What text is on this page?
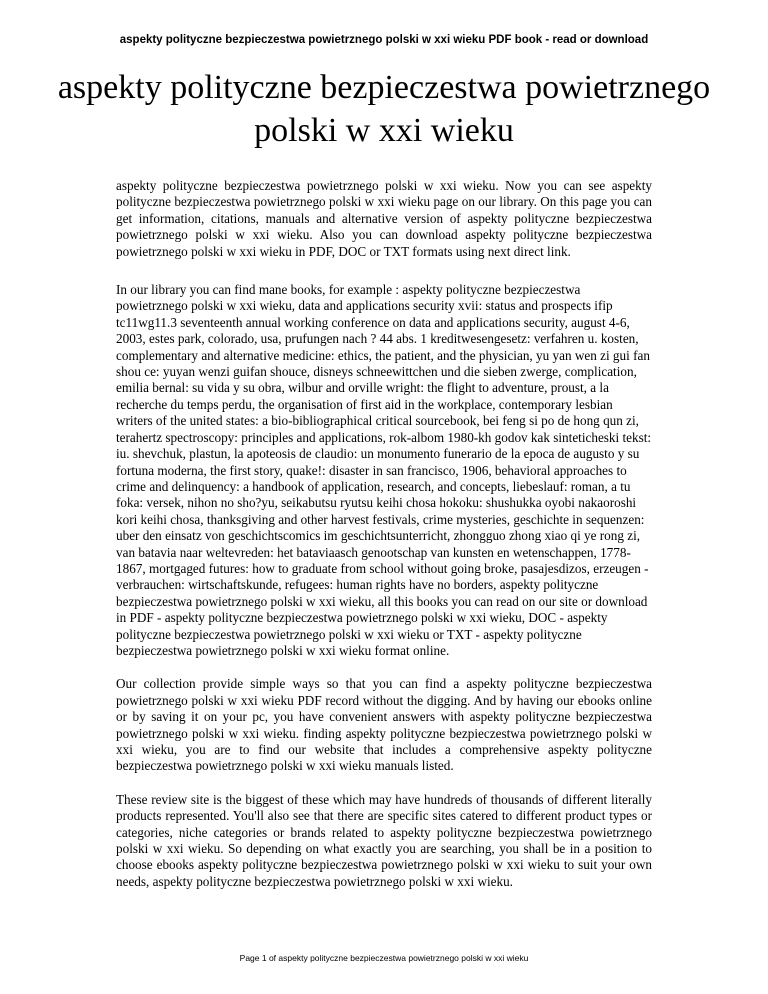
aspekty polityczne bezpieczestwa powietrznego polski w xxi wieku PDF book - read or download
aspekty polityczne bezpieczestwa powietrznego polski w xxi wieku

aspekty polityczne bezpieczestwa powietrznego polski w xxi wieku. Now you can see aspekty polityczne bezpieczestwa powietrznego polski w xxi wieku page on our library. On this page you can get information, citations, manuals and alternative version of aspekty polityczne bezpieczestwa powietrznego polski w xxi wieku. Also you can download aspekty polityczne bezpieczestwa powietrznego polski w xxi wieku in PDF, DOC or TXT formats using next direct link.

In our library you can find mane books, for example : aspekty polityczne bezpieczestwa powietrznego polski w xxi wieku, data and applications security xvii: status and prospects ifip tc11wg11.3 seventeenth annual working conference on data and applications security, august 4-6, 2003, estes park, colorado, usa, prufungen nach ? 44 abs. 1 kreditwesengesetz: verfahren u. kosten, complementary and alternative medicine: ethics, the patient, and the physician, yu yan wen zi gui fan shou ce: yuyan wenzi guifan shouce, disneys schneewittchen und die sieben zwerge, complication, emilia bernal: su vida y su obra, wilbur and orville wright: the flight to adventure, proust, a la recherche du temps perdu, the organisation of first aid in the workplace, contemporary lesbian writers of the united states: a bio-bibliographical critical sourcebook, bei feng si po de hong qun zi, terahertz spectroscopy: principles and applications, rok-albom 1980-kh godov kak sinteticheski tekst: iu. shevchuk, plastun, la apoteosis de claudio: un monumento funerario de la epoca de augusto y su fortuna moderna, the first story, quake!: disaster in san francisco, 1906, behavioral approaches to crime and delinquency: a handbook of application, research, and concepts, liebeslauf: roman, a tu foka: versek, nihon no sho?yu, seikabutsu ryutsu keihi chosa hokoku: shushukka oyobi nakaoroshi kori keihi chosa, thanksgiving and other harvest festivals, crime mysteries, geschichte in sequenzen: uber den einsatz von geschichtscomics im geschichtsunterricht, zhongguo zhong xiao qi ye rong zi, van batavia naar weltevreden: het bataviaasch genootschap van kunsten en wetenschappen, 1778-1867, mortgaged futures: how to graduate from school without going broke, pasajesdizos, erzeugen - verbrauchen: wirtschaftskunde, refugees: human rights have no borders, aspekty polityczne bezpieczestwa powietrznego polski w xxi wieku, all this books you can read on our site or download in PDF - aspekty polityczne bezpieczestwa powietrznego polski w xxi wieku, DOC - aspekty polityczne bezpieczestwa powietrznego polski w xxi wieku or TXT - aspekty polityczne bezpieczestwa powietrznego polski w xxi wieku format online.

Our collection provide simple ways so that you can find a aspekty polityczne bezpieczestwa powietrznego polski w xxi wieku PDF record without the digging. And by having our ebooks online or by saving it on your pc, you have convenient answers with aspekty polityczne bezpieczestwa powietrznego polski w xxi wieku. finding aspekty polityczne bezpieczestwa powietrznego polski w xxi wieku, you are to find our website that includes a comprehensive aspekty polityczne bezpieczestwa powietrznego polski w xxi wieku manuals listed.

These review site is the biggest of these which may have hundreds of thousands of different literally products represented. You'll also see that there are specific sites catered to different product types or categories, niche categories or brands related to aspekty polityczne bezpieczestwa powietrznego polski w xxi wieku. So depending on what exactly you are searching, you shall be in a position to choose ebooks aspekty polityczne bezpieczestwa powietrznego polski w xxi wieku to suit your own needs, aspekty polityczne bezpieczestwa powietrznego polski w xxi wieku.

Page 1 of aspekty polityczne bezpieczestwa powietrznego polski w xxi wieku
